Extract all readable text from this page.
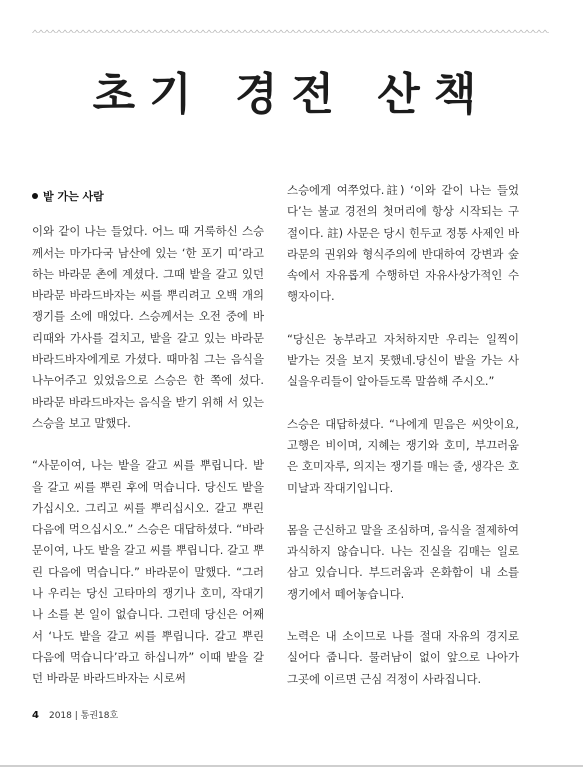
초기 경전 산책
밭 가는 사람

이와 같이 나는 들었다. 어느 때 거룩하신 스승께서는 마가다국 남산에 있는 ‘한 포기 띠’라고 하는 바라문 촌에 계셨다. 그때 밭을 갈고 있던 바라문 바라드바자는 씨를 뿌리려고 오백 개의 쟁기를 소에 매었다. 스승께서는 오전 중에 바리때와 가사를 걸치고, 밭을 갈고 있는 바라문 바라드바자에게로 가셨다. 때마침 그는 음식을 나누어주고 있었음으로 스승은 한 쪽에 섰다. 바라문 바라드바자는 음식을 받기 위해 서 있는 스승을 보고 말했다.

“사문이여, 나는 밭을 갈고 씨를 뿌립니다. 밭을 갈고 씨를 뿌린 후에 먹습니다. 당신도 밭을 가십시오. 그리고 씨를 뿌리십시오. 갈고 뿌린 다음에 먹으십시오.” 스승은 대답하셨다. “바라문이여, 나도 밭을 갈고 씨를 뿌립니다. 갈고 뿌린 다음에 먹습니다.” 바라문이 말했다. “그러나 우리는 당신 고타마의 쟁기나 호미, 작대기나 소를 본 일이 없습니다. 그런데 당신은 어째서 ‘나도 밭을 갈고 씨를 뿌립니다. 갈고 뿌린 다음에 먹습니다’라고 하십니까” 이때 밭을 갈던 바라문 바라드바자는 시로써

스승에게 여쭈었다.註) ‘이와 같이 나는 들었다’는 불교 경전의 첫머리에 항상 시작되는 구절이다. 註) 사문은 당시 힌두교 정통 사제인 바라문의 권위와 형식주의에 반대하여 강변과 숲 속에서 자유롭게 수행하던 자유사상가적인 수행자이다.

“당신은 농부라고 자처하지만 우리는 일찍이 밭가는 것을 보지 못했네.당신이 밭을 가는 사실을우리들이 알아듣도록 말씀해 주시오.”

스승은 대답하셨다. “나에게 믿음은 씨앗이요, 고행은 비이며, 지혜는 쟁기와 호미, 부끄러움은 호미자루, 의지는 쟁기를 매는 줄, 생각은 호미날과 작대기입니다.

몸을 근신하고 말을 조심하며, 음식을 절제하여 과식하지 않습니다. 나는 진실을 김매는 일로 삼고 있습니다. 부드러움과 온화함이 내 소를 쟁기에서 떼어놓습니다.

노력은 내 소이므로 나를 절대 자유의 경지로 실어다 줍니다. 물러남이 없이 앞으로 나아가 그곳에 이르면 근심 걱정이 사라집니다.

4 2018 | 통권18호
